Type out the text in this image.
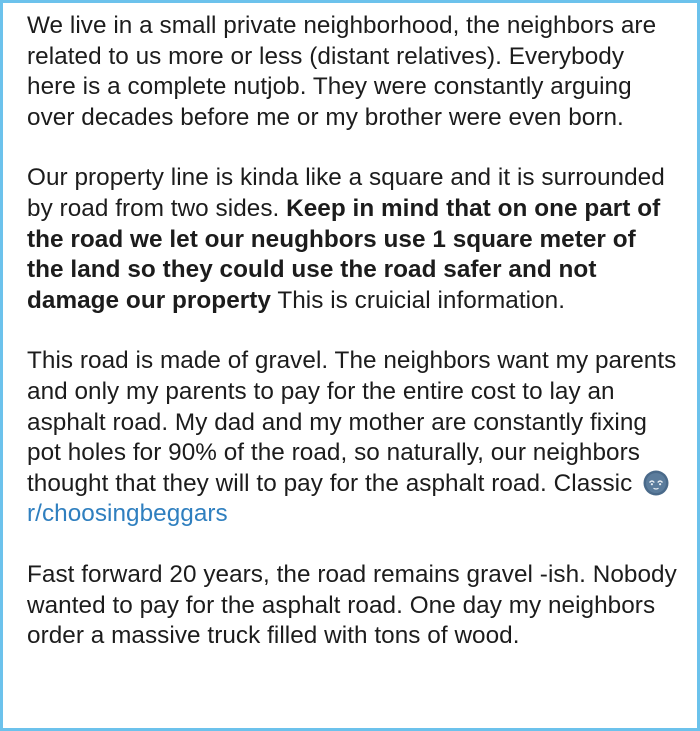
We live in a small private neighborhood, the neighbors are related to us more or less (distant relatives). Everybody here is a complete nutjob. They were constantly arguing over decades before me or my brother were even born.

Our property line is kinda like a square and it is surrounded by road from two sides. Keep in mind that on one part of the road we let our neughbors use 1 square meter of the land so they could use the road safer and not damage our property This is cruicial information.

This road is made of gravel. The neighbors want my parents and only my parents to pay for the entire cost to lay an asphalt road. My dad and my mother are constantly fixing pot holes for 90% of the road, so naturally, our neighbors thought that they will to pay for the asphalt road. Classic r/choosingbeggars

Fast forward 20 years, the road remains gravel -ish. Nobody wanted to pay for the asphalt road. One day my neighbors order a massive truck filled with tons of wood.
